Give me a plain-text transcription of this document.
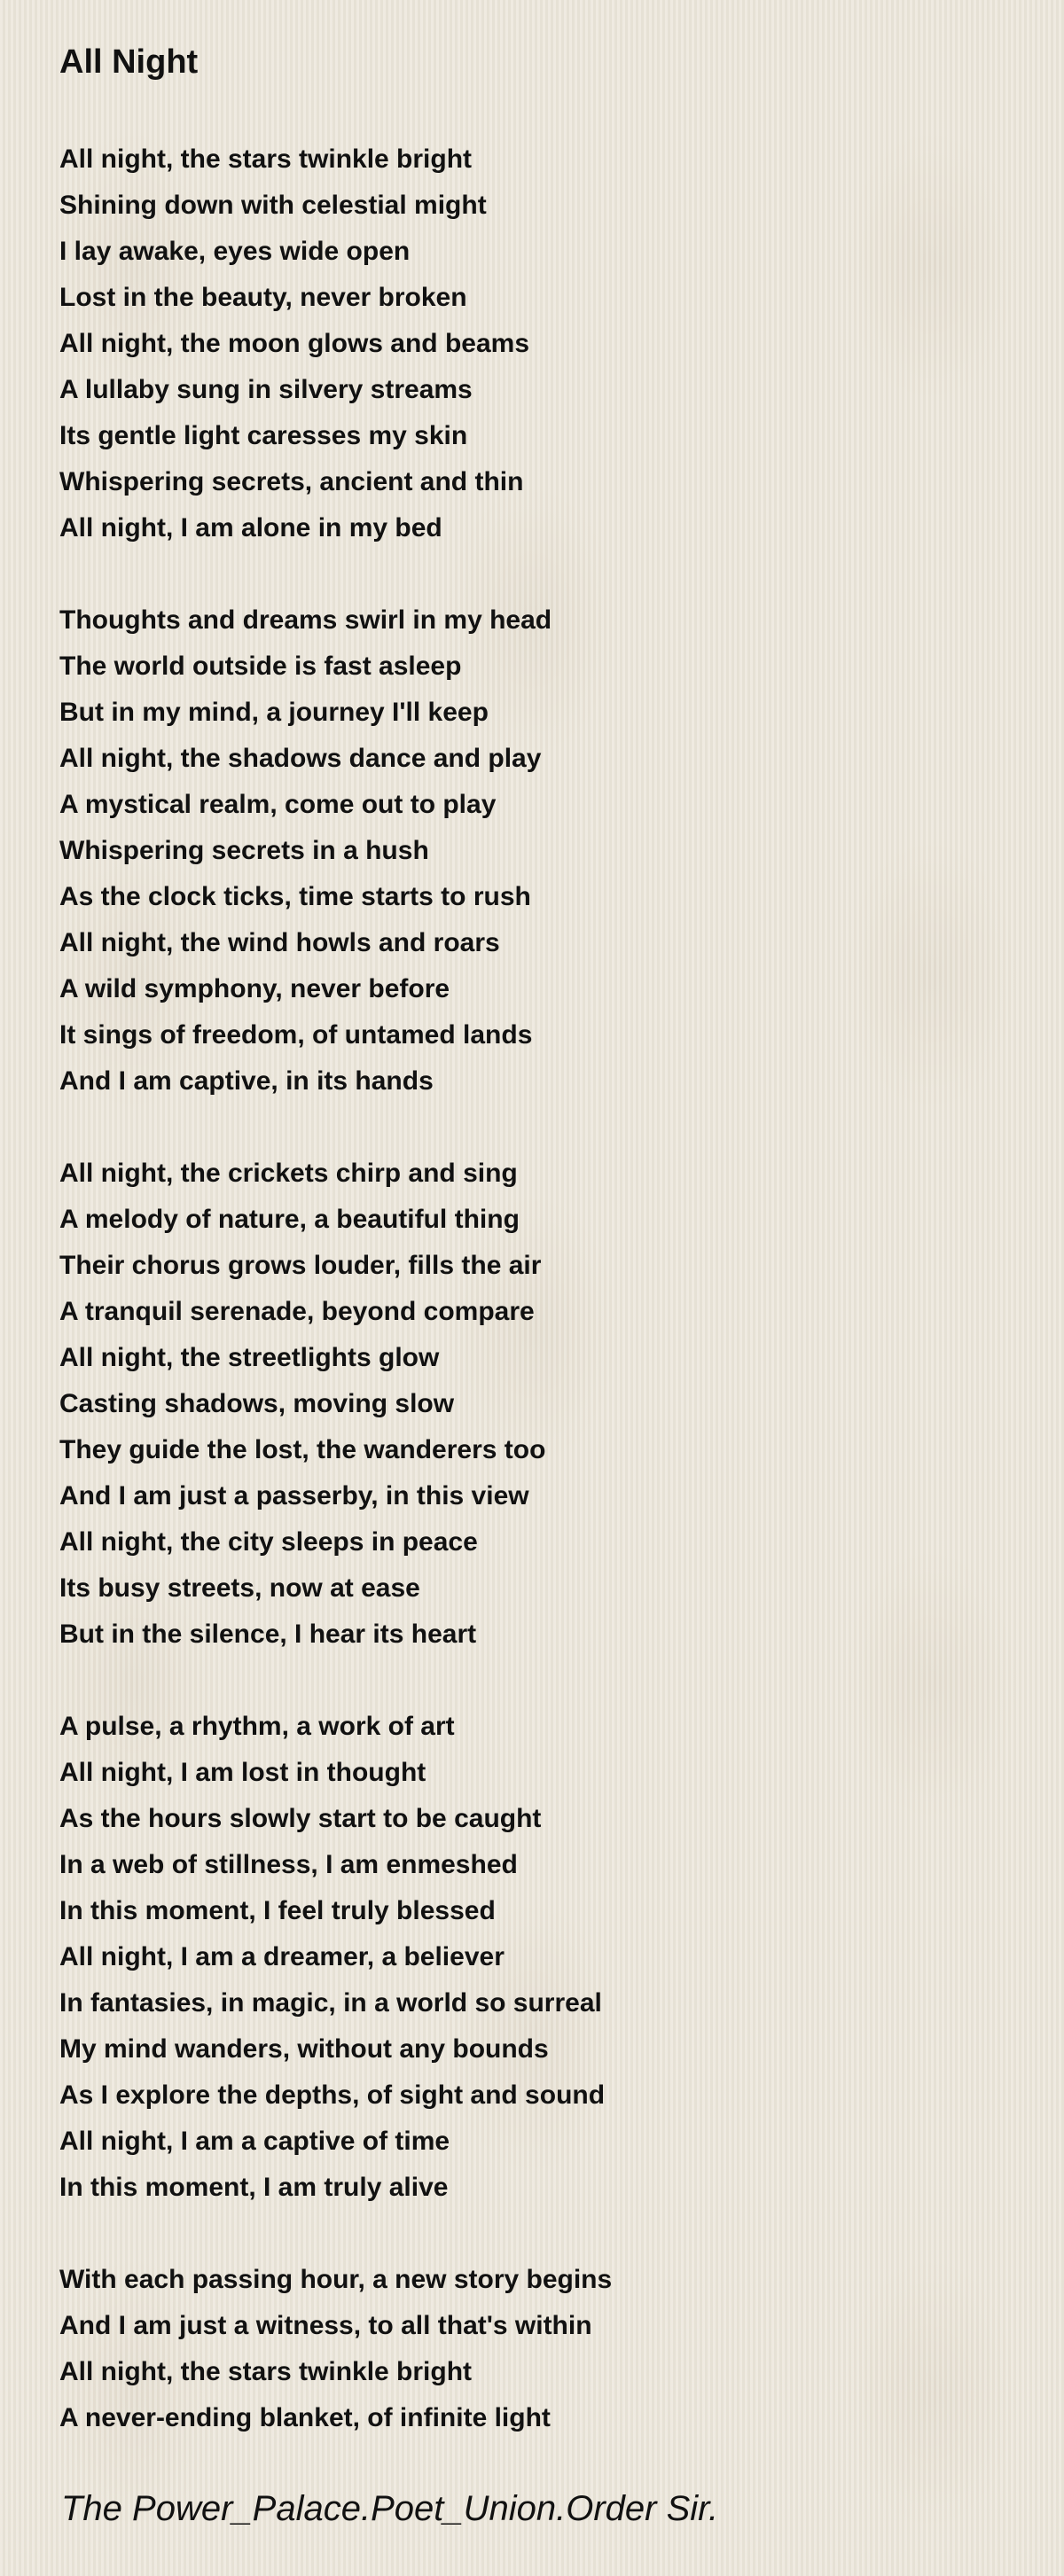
All Night
All night, the stars twinkle bright
Shining down with celestial might
I lay awake, eyes wide open
Lost in the beauty, never broken
All night, the moon glows and beams
A lullaby sung in silvery streams
Its gentle light caresses my skin
Whispering secrets, ancient and thin
All night, I am alone in my bed
Thoughts and dreams swirl in my head
The world outside is fast asleep
But in my mind, a journey I'll keep
All night, the shadows dance and play
A mystical realm, come out to play
Whispering secrets in a hush
As the clock ticks, time starts to rush
All night, the wind howls and roars
A wild symphony, never before
It sings of freedom, of untamed lands
And I am captive, in its hands
All night, the crickets chirp and sing
A melody of nature, a beautiful thing
Their chorus grows louder, fills the air
A tranquil serenade, beyond compare
All night, the streetlights glow
Casting shadows, moving slow
They guide the lost, the wanderers too
And I am just a passerby, in this view
All night, the city sleeps in peace
Its busy streets, now at ease
But in the silence, I hear its heart
A pulse, a rhythm, a work of art
All night, I am lost in thought
As the hours slowly start to be caught
In a web of stillness, I am enmeshed
In this moment, I feel truly blessed
All night, I am a dreamer, a believer
In fantasies, in magic, in a world so surreal
My mind wanders, without any bounds
As I explore the depths, of sight and sound
All night, I am a captive of time
In this moment, I am truly alive
With each passing hour, a new story begins
And I am just a witness, to all that's within
All night, the stars twinkle bright
A never-ending blanket, of infinite light
The Power_Palace.Poet_Union.Order Sir.
